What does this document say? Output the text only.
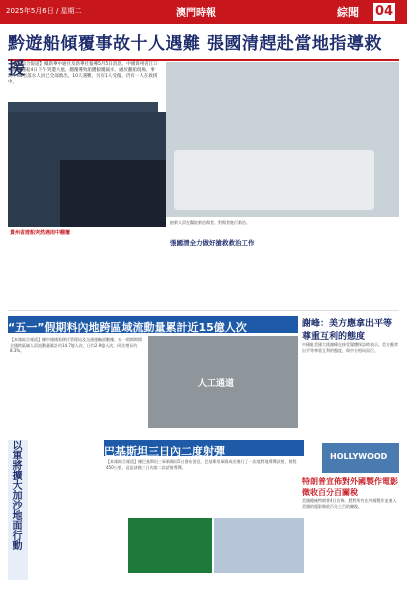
2025年5月6日 / 星期二	澳門時報	綜聞 04
黔遊船傾覆事故十人遇難 張國清趕赴當地指導救援
【本報綜合報道】據新華中通社及新華社報導5月5日消息，中國貴州省江口至龔灘運船4日下午突遭大風，翻覆導致船體傾覆漏水，處於翻船現場，事故中84名落水人員已全部救出，10人遇難，另有1人受傷，仍有一人在救援中。
貴州省遊船突然遇雨中翻覆
搶救人員在醫院救治傷者，對傷者進行救治。
張國清全力做好搶救救治工作
“五一”假期料內地跨區域流動量累計近15億人次
【本報綜合報道】據中國國家移民管理局及交通運輸部數據，五一假期期間全國跨區域人員流動量累計約14.7億人次，日均2.9億人次，同比增長約8.3%。
人工通道
謝峰：美方應拿出平等尊重互利的態度
中國駐美國大使謝峰在接受媒體採訪時表示，美方應拿出平等尊重互利的態度，與中方相向而行。
以軍將擴大加沙地面行動	巴基斯坦三日內二度射彈
【本報綜合報道】據巴基斯坦三軍新聞局5日發布消息，巴基斯坦軍隊成功進行了一次地對地導彈試射，射程450公里，這是該國三日內第二次試射導彈。
HOLLYWOOD
特朗普宣佈對外國製作電影徵收百分百關稅
美國總統特朗普4日宣佈，將對所有在外國製作並進入美國的電影徵收百分之百的關稅。
